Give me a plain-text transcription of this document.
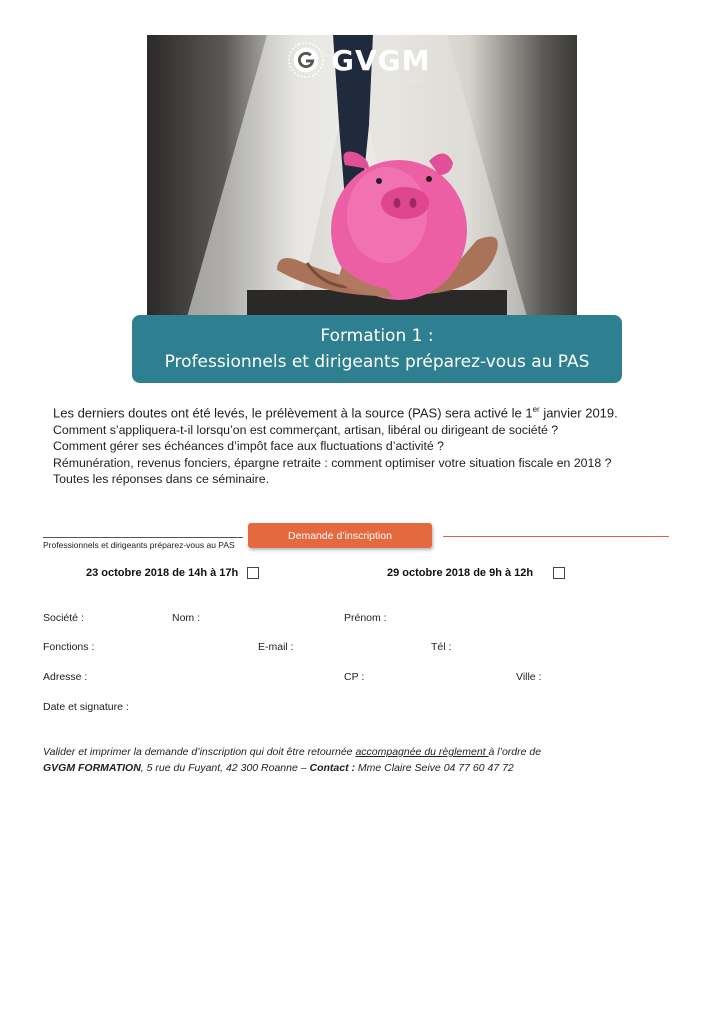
GVGM
formation
Formation 1 :
Professionnels et dirigeants préparez-vous au PAS
Les derniers doutes ont été levés, le prélèvement à la source (PAS) sera activé le 1er janvier 2019.
Comment s’appliquera-t-il lorsqu’on est commerçant, artisan, libéral ou dirigeant de société ?
Comment gérer ses échéances d’impôt face aux fluctuations d’activité ?
Rémunération, revenus fonciers, épargne retraite : comment optimiser votre situation fiscale en 2018 ?
Toutes les réponses dans ce séminaire.
Professionnels et dirigeants préparez-vous au PAS
Demande d’inscription
23 octobre 2018 de 14h à 17h	29 octobre 2018 de 9h à 12h
Société :	Nom :	Prénom :
Fonctions :	E-mail :	Tél :
Adresse :	CP :	Ville :
Date et signature :
Valider et imprimer la demande d’inscription qui doit être retournée accompagnée du règlement à l’ordre de
GVGM FORMATION, 5 rue du Fuyant, 42 300 Roanne – Contact : Mme Claire Seive 04 77 60 47 72
